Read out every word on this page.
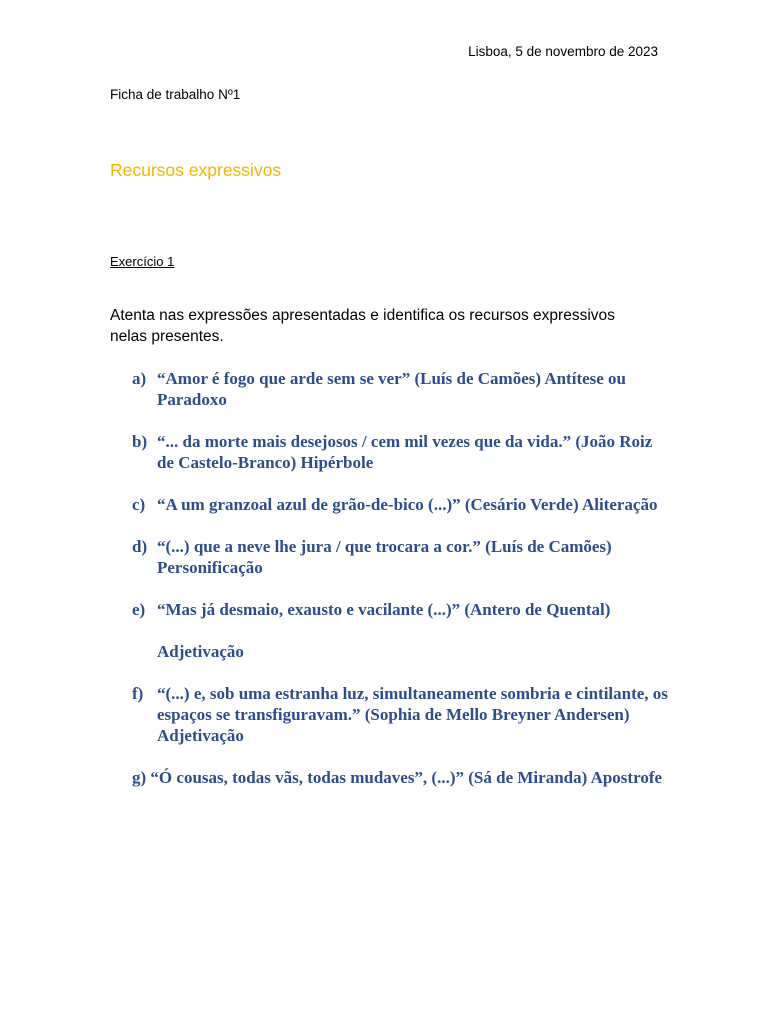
Lisboa, 5 de novembro de 2023
Ficha de trabalho Nº1
Recursos expressivos
Exercício 1
Atenta nas expressões apresentadas e identifica os recursos expressivos nelas presentes.
a) “Amor é fogo que arde sem se ver” (Luís de Camões) Antítese ou Paradoxo
b) “... da morte mais desejosos / cem mil vezes que da vida.” (João Roiz de Castelo-Branco) Hipérbole
c) “A um granzoal azul de grão-de-bico (...)” (Cesário Verde) Aliteração
d) “(...) que a neve lhe jura / que trocara a cor.” (Luís de Camões) Personificação
e) “Mas já desmaio, exausto e vacilante (...)” (Antero de Quental)
Adjetivação
f) “(...) e, sob uma estranha luz, simultaneamente sombria e cintilante, os espaços se transfiguravam.” (Sophia de Mello Breyner Andersen) Adjetivação
g) “Ó cousas, todas vãs, todas mudaves”, (...)” (Sá de Miranda) Apostrofe
